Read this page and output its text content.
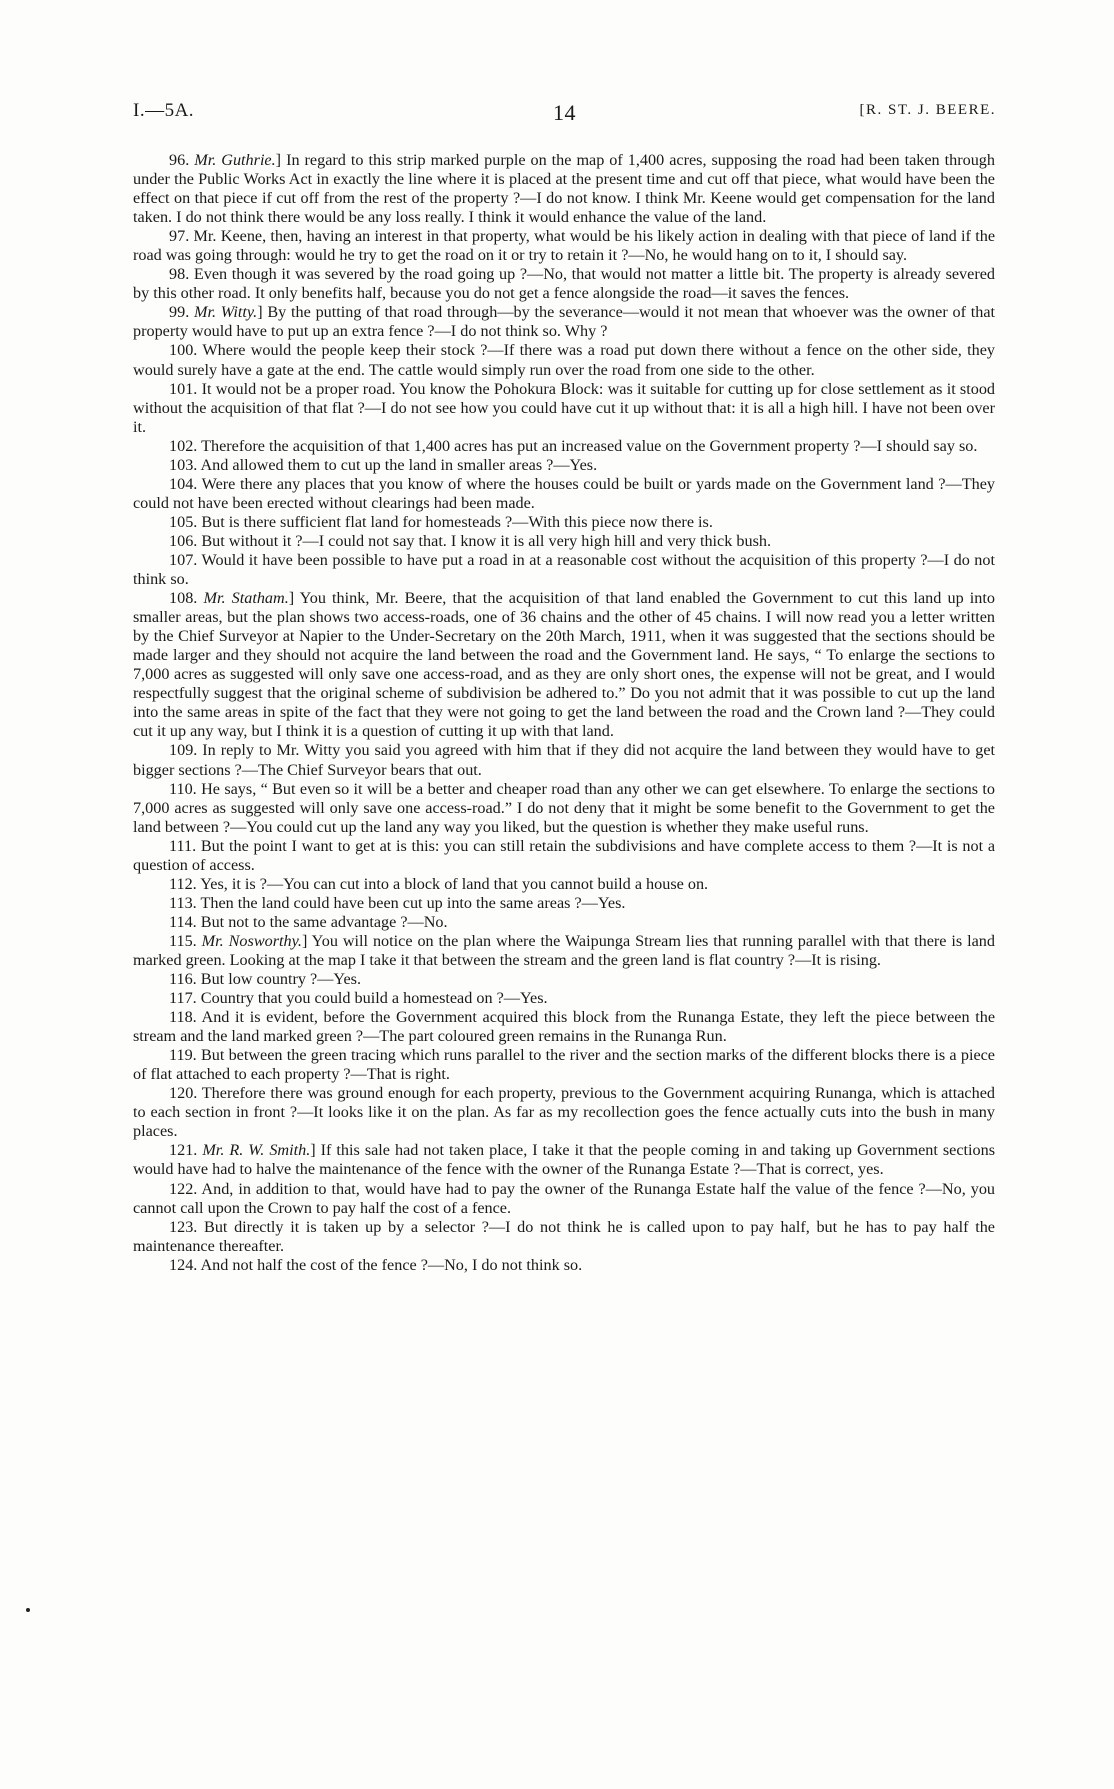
I.—5A.	14	[R. ST. J. BEERE.

96. Mr. Guthrie.] In regard to this strip marked purple on the map of 1,400 acres, supposing the road had been taken through under the Public Works Act in exactly the line where it is placed at the present time and cut off that piece, what would have been the effect on that piece if cut off from the rest of the property ?—I do not know. I think Mr. Keene would get compensation for the land taken. I do not think there would be any loss really. I think it would enhance the value of the land.

97. Mr. Keene, then, having an interest in that property, what would be his likely action in dealing with that piece of land if the road was going through: would he try to get the road on it or try to retain it ?—No, he would hang on to it, I should say.

98. Even though it was severed by the road going up ?—No, that would not matter a little bit. The property is already severed by this other road. It only benefits half, because you do not get a fence alongside the road—it saves the fences.

99. Mr. Witty.] By the putting of that road through—by the severance—would it not mean that whoever was the owner of that property would have to put up an extra fence ?—I do not think so. Why ?

100. Where would the people keep their stock ?—If there was a road put down there without a fence on the other side, they would surely have a gate at the end. The cattle would simply run over the road from one side to the other.

101. It would not be a proper road. You know the Pohokura Block: was it suitable for cutting up for close settlement as it stood without the acquisition of that flat ?—I do not see how you could have cut it up without that: it is all a high hill. I have not been over it.

102. Therefore the acquisition of that 1,400 acres has put an increased value on the Government property ?—I should say so.

103. And allowed them to cut up the land in smaller areas ?—Yes.

104. Were there any places that you know of where the houses could be built or yards made on the Government land ?—They could not have been erected without clearings had been made.

105. But is there sufficient flat land for homesteads ?—With this piece now there is.

106. But without it ?—I could not say that. I know it is all very high hill and very thick bush.

107. Would it have been possible to have put a road in at a reasonable cost without the acquisition of this property ?—I do not think so.

108. Mr. Statham.] You think, Mr. Beere, that the acquisition of that land enabled the Government to cut this land up into smaller areas, but the plan shows two access-roads, one of 36 chains and the other of 45 chains. I will now read you a letter written by the Chief Surveyor at Napier to the Under-Secretary on the 20th March, 1911, when it was suggested that the sections should be made larger and they should not acquire the land between the road and the Government land. He says, “ To enlarge the sections to 7,000 acres as suggested will only save one access-road, and as they are only short ones, the expense will not be great, and I would respectfully suggest that the original scheme of subdivision be adhered to.” Do you not admit that it was possible to cut up the land into the same areas in spite of the fact that they were not going to get the land between the road and the Crown land ?—They could cut it up any way, but I think it is a question of cutting it up with that land.

109. In reply to Mr. Witty you said you agreed with him that if they did not acquire the land between they would have to get bigger sections ?—The Chief Surveyor bears that out.

110. He says, “ But even so it will be a better and cheaper road than any other we can get elsewhere. To enlarge the sections to 7,000 acres as suggested will only save one access-road.” I do not deny that it might be some benefit to the Government to get the land between ?—You could cut up the land any way you liked, but the question is whether they make useful runs.

111. But the point I want to get at is this: you can still retain the subdivisions and have complete access to them ?—It is not a question of access.

112. Yes, it is ?—You can cut into a block of land that you cannot build a house on.

113. Then the land could have been cut up into the same areas ?—Yes.

114. But not to the same advantage ?—No.

115. Mr. Nosworthy.] You will notice on the plan where the Waipunga Stream lies that running parallel with that there is land marked green. Looking at the map I take it that between the stream and the green land is flat country ?—It is rising.

116. But low country ?—Yes.

117. Country that you could build a homestead on ?—Yes.

118. And it is evident, before the Government acquired this block from the Runanga Estate, they left the piece between the stream and the land marked green ?—The part coloured green remains in the Runanga Run.

119. But between the green tracing which runs parallel to the river and the section marks of the different blocks there is a piece of flat attached to each property ?—That is right.

120. Therefore there was ground enough for each property, previous to the Government acquiring Runanga, which is attached to each section in front ?—It looks like it on the plan. As far as my recollection goes the fence actually cuts into the bush in many places.

121. Mr. R. W. Smith.] If this sale had not taken place, I take it that the people coming in and taking up Government sections would have had to halve the maintenance of the fence with the owner of the Runanga Estate ?—That is correct, yes.

122. And, in addition to that, would have had to pay the owner of the Runanga Estate half the value of the fence ?—No, you cannot call upon the Crown to pay half the cost of a fence.

123. But directly it is taken up by a selector ?—I do not think he is called upon to pay half, but he has to pay half the maintenance thereafter.

124. And not half the cost of the fence ?—No, I do not think so.
